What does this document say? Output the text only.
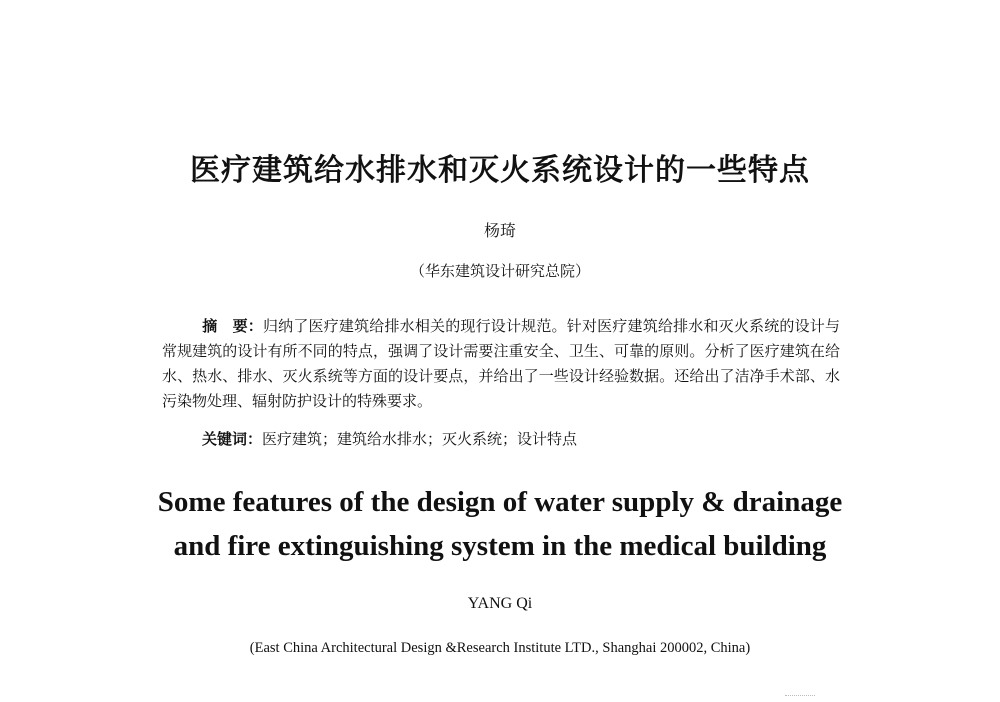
医疗建筑给水排水和灭火系统设计的一些特点
杨琦
（华东建筑设计研究总院）
摘　要：归纳了医疗建筑给排水相关的现行设计规范。针对医疗建筑给排水和灭火系统的设计与常规建筑的设计有所不同的特点，强调了设计需要注重安全、卫生、可靠的原则。分析了医疗建筑在给水、热水、排水、灭火系统等方面的设计要点，并给出了一些设计经验数据。还给出了洁净手术部、水污染物处理、辐射防护设计的特殊要求。
关键词：医疗建筑；建筑给水排水；灭火系统；设计特点
Some features of the design of water supply & drainage
and fire extinguishing system in the medical building
YANG Qi
(East China Architectural Design &Research Institute LTD., Shanghai 200002, China)
